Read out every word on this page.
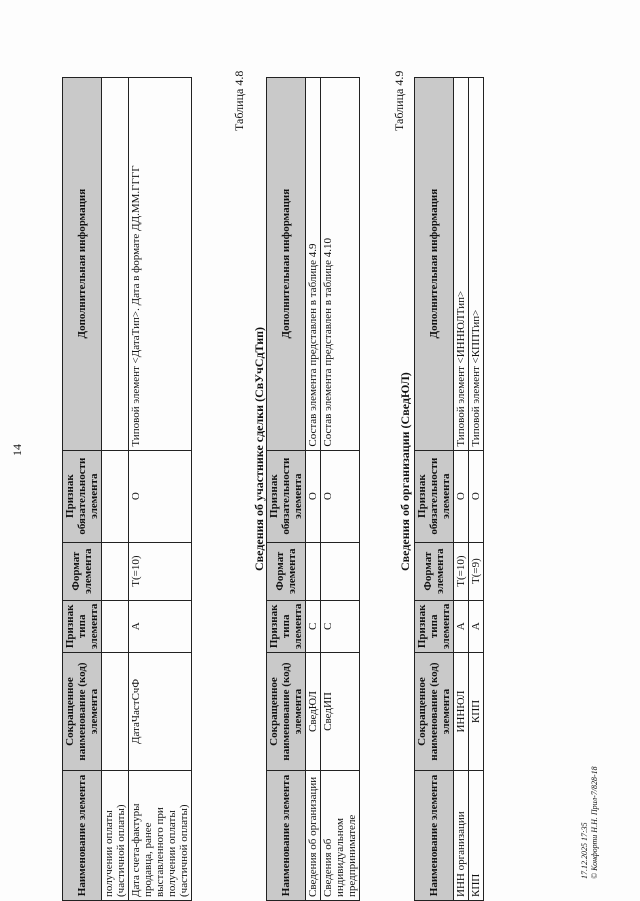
14
Наименование элемента	Сокращенное наименование (код) элемента	Признак типа элемента	Формат элемента	Признак обязательности элемента	Дополнительная информация
получении оплаты (частичной оплаты)					
Дата счета-фактуры продавца, ранее выставленного при получении оплаты (частичной оплаты)	ДатаЧастСчФ	А	T(=10)	О	Типовой элемент <ДатаТип>. Дата в формате ДД.ММ.ГГГГ
Таблица 4.8
Сведения об участнике сделки (СвУчСдТип)
Наименование элемента	Сокращенное наименование (код) элемента	Признак типа элемента	Формат элемента	Признак обязательности элемента	Дополнительная информация
Сведения об организации	СведЮЛ	С		О	Состав элемента представлен в таблице 4.9
Сведения об индивидуальном предпринимателе	СведИП	С		О	Состав элемента представлен в таблице 4.10
Таблица 4.9
Сведения об организации (СведЮЛ)
Наименование элемента	Сокращенное наименование (код) элемента	Признак типа элемента	Формат элемента	Признак обязательности элемента	Дополнительная информация
ИНН организации	ИННЮЛ	А	T(=10)	О	Типовой элемент <ИННЮЛТип>
КПП	КПП	А	T(=9)	О	Типовой элемент <КППТип>
17.12.2025 17:35 © Конфорти Н.Н. Прил-7/828-18
